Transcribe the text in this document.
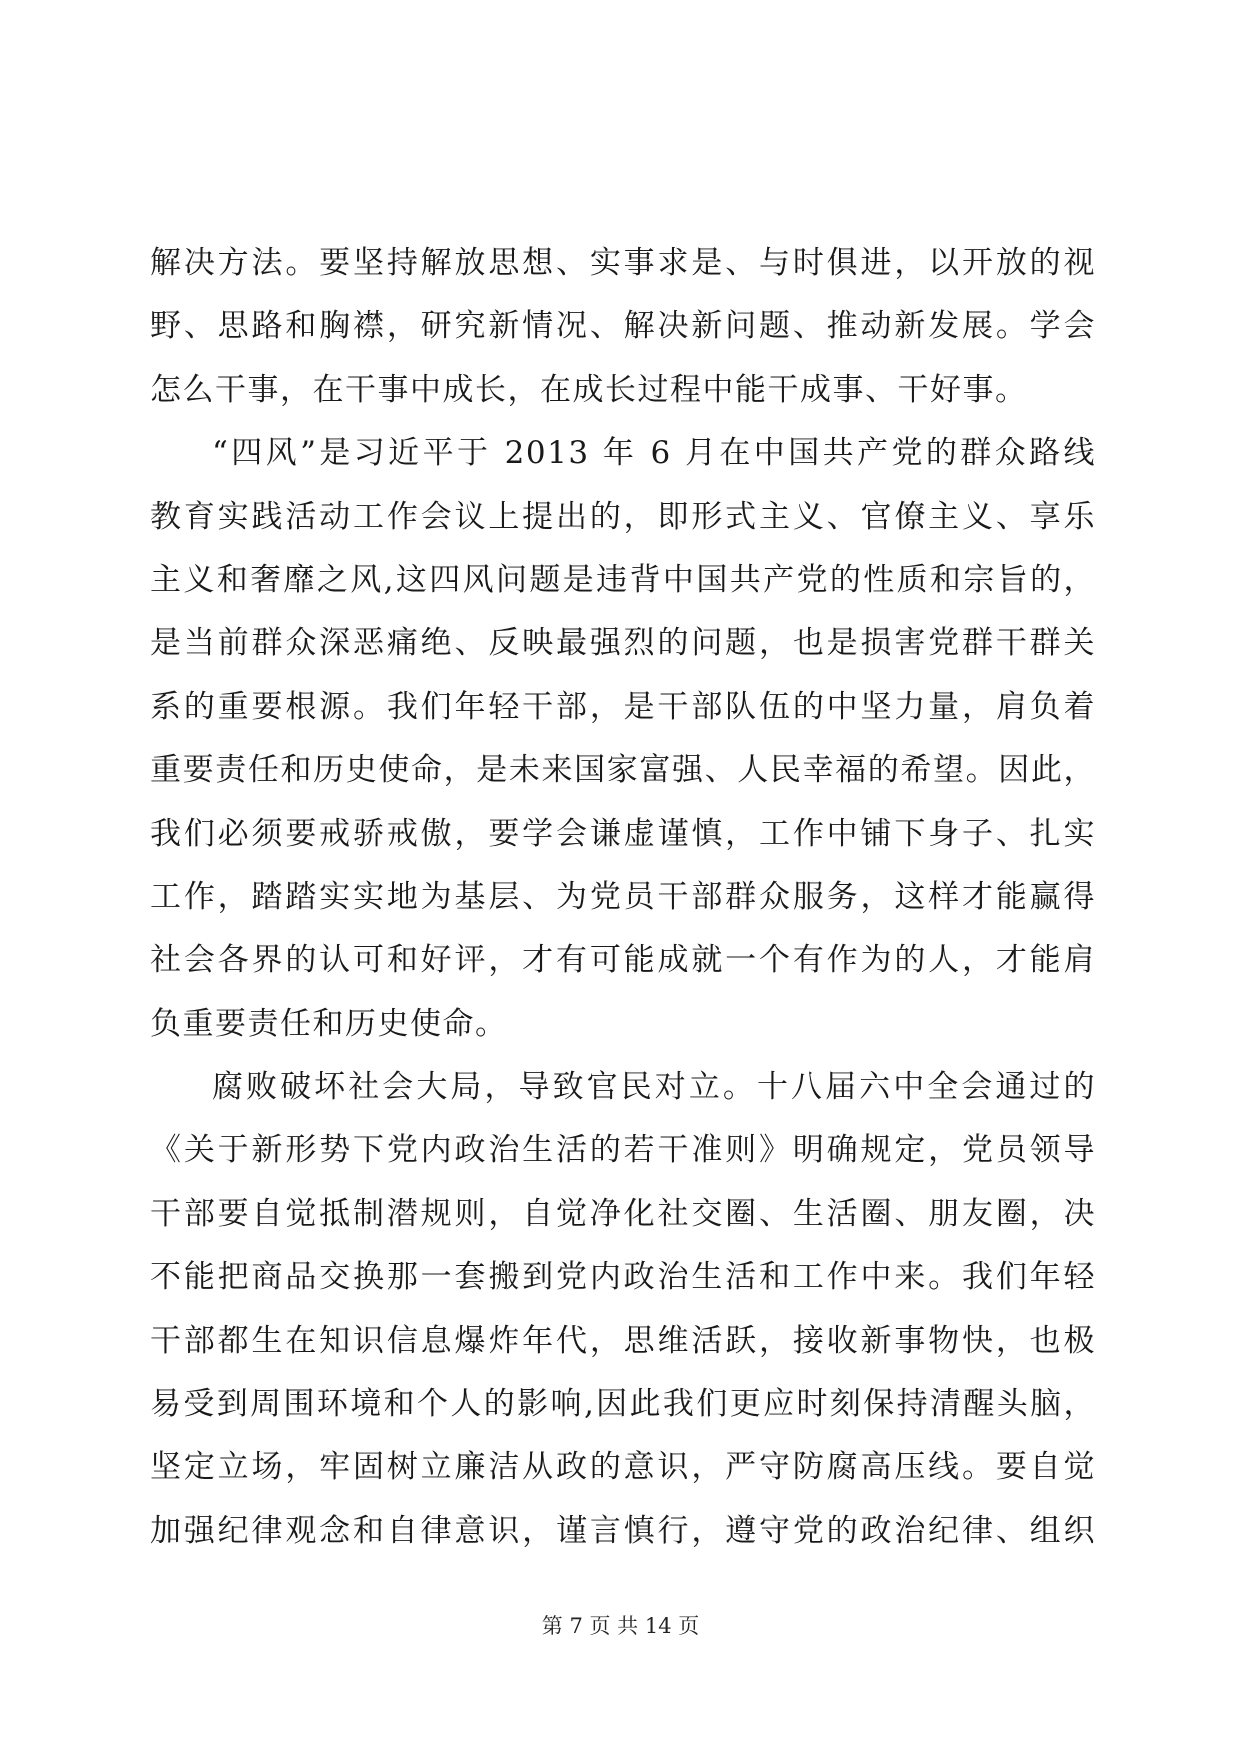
解决方法。要坚持解放思想、实事求是、与时俱进，以开放的视
野、思路和胸襟，研究新情况、解决新问题、推动新发展。学会
怎么干事，在干事中成长，在成长过程中能干成事、干好事。
“四风”是习近平于 2013 年 6 月在中国共产党的群众路线
教育实践活动工作会议上提出的，即形式主义、官僚主义、享乐
主义和奢靡之风,这四风问题是违背中国共产党的性质和宗旨的，
是当前群众深恶痛绝、反映最强烈的问题，也是损害党群干群关
系的重要根源。我们年轻干部，是干部队伍的中坚力量，肩负着
重要责任和历史使命，是未来国家富强、人民幸福的希望。因此，
我们必须要戒骄戒傲，要学会谦虚谨慎，工作中铺下身子、扎实
工作，踏踏实实地为基层、为党员干部群众服务，这样才能赢得
社会各界的认可和好评，才有可能成就一个有作为的人，才能肩
负重要责任和历史使命。
腐败破坏社会大局，导致官民对立。十八届六中全会通过的
《关于新形势下党内政治生活的若干准则》明确规定，党员领导
干部要自觉抵制潜规则，自觉净化社交圈、生活圈、朋友圈，决
不能把商品交换那一套搬到党内政治生活和工作中来。我们年轻
干部都生在知识信息爆炸年代，思维活跃，接收新事物快，也极
易受到周围环境和个人的影响,因此我们更应时刻保持清醒头脑，
坚定立场，牢固树立廉洁从政的意识，严守防腐高压线。要自觉
加强纪律观念和自律意识，谨言慎行，遵守党的政治纪律、组织
第 7 页 共 14 页
